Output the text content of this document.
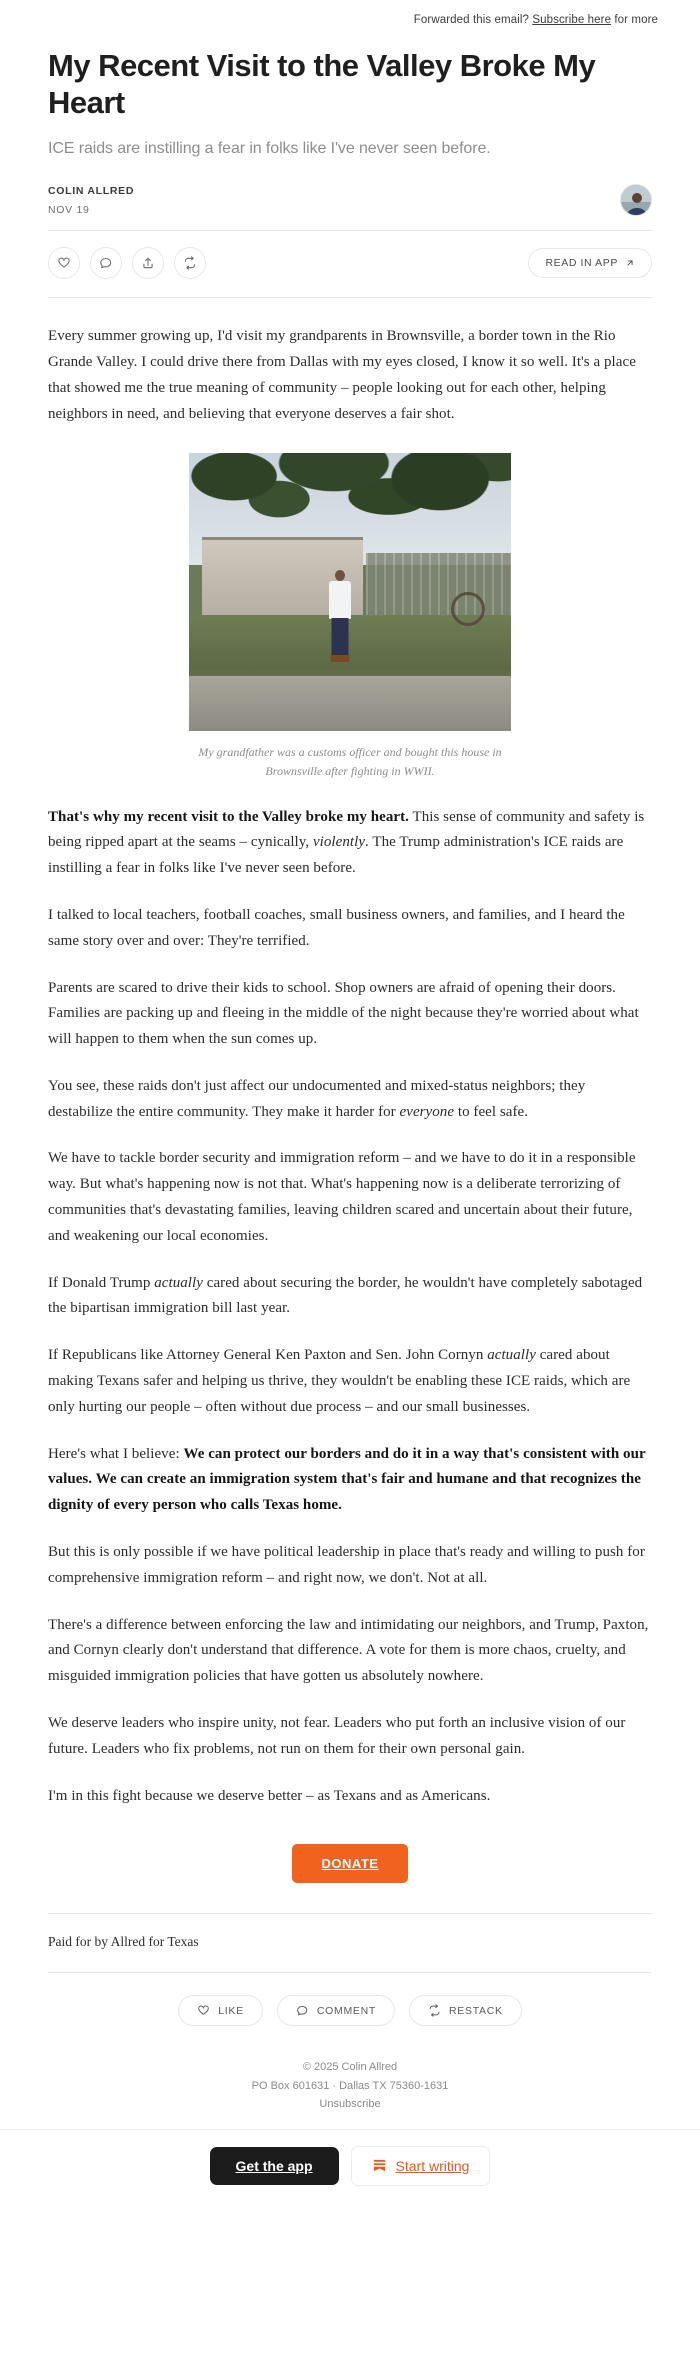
Forwarded this email? Subscribe here for more
My Recent Visit to the Valley Broke My Heart
ICE raids are instilling a fear in folks like I've never seen before.
COLIN ALLRED
NOV 19
READ IN APP

Every summer growing up, I'd visit my grandparents in Brownsville, a border town in the Rio Grande Valley. I could drive there from Dallas with my eyes closed, I know it so well. It's a place that showed me the true meaning of community – people looking out for each other, helping neighbors in need, and believing that everyone deserves a fair shot.

My grandfather was a customs officer and bought this house in Brownsville after fighting in WWII.

That's why my recent visit to the Valley broke my heart. This sense of community and safety is being ripped apart at the seams – cynically, violently. The Trump administration's ICE raids are instilling a fear in folks like I've never seen before.

I talked to local teachers, football coaches, small business owners, and families, and I heard the same story over and over: They're terrified.

Parents are scared to drive their kids to school. Shop owners are afraid of opening their doors. Families are packing up and fleeing in the middle of the night because they're worried about what will happen to them when the sun comes up.

You see, these raids don't just affect our undocumented and mixed-status neighbors; they destabilize the entire community. They make it harder for everyone to feel safe.

We have to tackle border security and immigration reform – and we have to do it in a responsible way. But what's happening now is not that. What's happening now is a deliberate terrorizing of communities that's devastating families, leaving children scared and uncertain about their future, and weakening our local economies.

If Donald Trump actually cared about securing the border, he wouldn't have completely sabotaged the bipartisan immigration bill last year.

If Republicans like Attorney General Ken Paxton and Sen. John Cornyn actually cared about making Texans safer and helping us thrive, they wouldn't be enabling these ICE raids, which are only hurting our people – often without due process – and our small businesses.

Here's what I believe: We can protect our borders and do it in a way that's consistent with our values. We can create an immigration system that's fair and humane and that recognizes the dignity of every person who calls Texas home.

But this is only possible if we have political leadership in place that's ready and willing to push for comprehensive immigration reform – and right now, we don't. Not at all.

There's a difference between enforcing the law and intimidating our neighbors, and Trump, Paxton, and Cornyn clearly don't understand that difference. A vote for them is more chaos, cruelty, and misguided immigration policies that have gotten us absolutely nowhere.

We deserve leaders who inspire unity, not fear. Leaders who put forth an inclusive vision of our future. Leaders who fix problems, not run on them for their own personal gain.

I'm in this fight because we deserve better – as Texans and as Americans.

DONATE
Paid for by Allred for Texas
LIKE	COMMENT	RESTACK
© 2025 Colin Allred
PO Box 601631 · Dallas TX 75360-1631
Unsubscribe
Get the app	Start writing
